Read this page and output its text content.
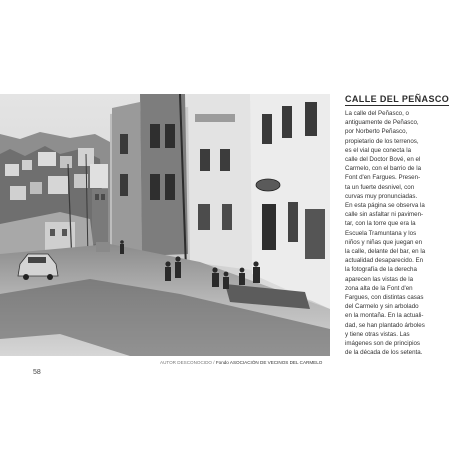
AUTOR DESCONOCIDO / Fondo ASOCIACIÓN DE VECINOS DEL CARMELO
CALLE DEL PEÑASCO

La calle del Peñasco, o
antiguamente de Peñasco,
por Norberto Peñasco,
propietario de los terrenos,
es el vial que conecta la
calle del Doctor Bové, en el
Carmelo, con el barrio de la
Font d'en Fargues. Presen-
ta un fuerte desnivel, con
curvas muy pronunciadas.
En esta página se observa la
calle sin asfaltar ni pavimen-
tar, con la torre que era la
Escuela Tramuntana y los
niños y niñas que juegan en
la calle, delante del bar, en la
actualidad desaparecido. En
la fotografía de la derecha
aparecen las vistas de la
zona alta de la Font d'en
Fargues, con distintas casas
del Carmelo y sin arbolado
en la montaña. En la actuali-
dad, se han plantado árboles
y tiene otras vistas. Las
imágenes son de principios
de la década de los setenta.

58
